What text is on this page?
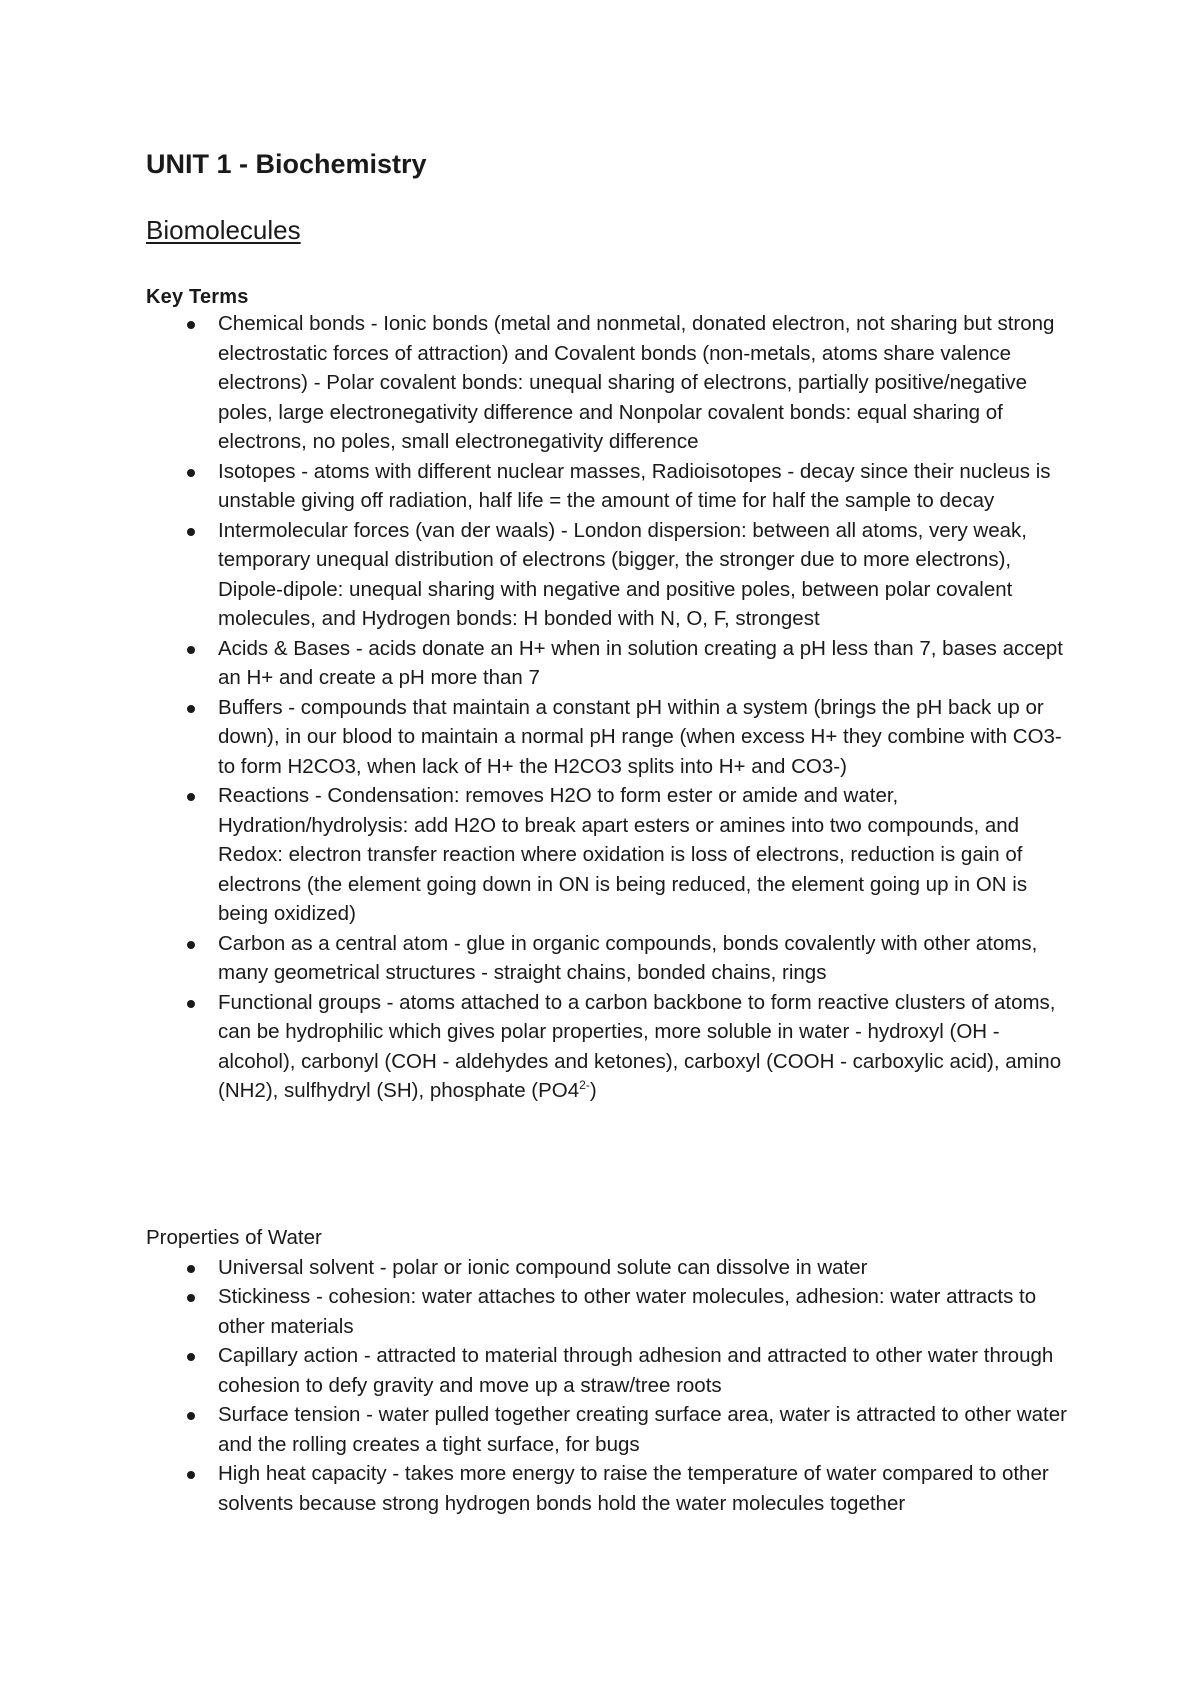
UNIT 1 - Biochemistry
Biomolecules
Key Terms
Chemical bonds - Ionic bonds (metal and nonmetal, donated electron, not sharing but strong electrostatic forces of attraction) and Covalent bonds (non-metals, atoms share valence electrons) - Polar covalent bonds: unequal sharing of electrons, partially positive/negative poles, large electronegativity difference and Nonpolar covalent bonds: equal sharing of electrons, no poles, small electronegativity difference
Isotopes - atoms with different nuclear masses, Radioisotopes - decay since their nucleus is unstable giving off radiation, half life = the amount of time for half the sample to decay
Intermolecular forces (van der waals) - London dispersion: between all atoms, very weak, temporary unequal distribution of electrons (bigger, the stronger due to more electrons), Dipole-dipole: unequal sharing with negative and positive poles, between polar covalent molecules, and Hydrogen bonds: H bonded with N, O, F, strongest
Acids & Bases - acids donate an H+ when in solution creating a pH less than 7, bases accept an H+ and create a pH more than 7
Buffers - compounds that maintain a constant pH within a system (brings the pH back up or down), in our blood to maintain a normal pH range (when excess H+ they combine with CO3- to form H2CO3, when lack of H+ the H2CO3 splits into H+ and CO3-)
Reactions - Condensation: removes H2O to form ester or amide and water, Hydration/hydrolysis: add H2O to break apart esters or amines into two compounds, and Redox: electron transfer reaction where oxidation is loss of electrons, reduction is gain of electrons (the element going down in ON is being reduced, the element going up in ON is being oxidized)
Carbon as a central atom - glue in organic compounds, bonds covalently with other atoms, many geometrical structures - straight chains, bonded chains, rings
Functional groups - atoms attached to a carbon backbone to form reactive clusters of atoms, can be hydrophilic which gives polar properties, more soluble in water - hydroxyl (OH - alcohol), carbonyl (COH - aldehydes and ketones), carboxyl (COOH - carboxylic acid), amino (NH2), sulfhydryl (SH), phosphate $(PO4^{2-})$
Properties of Water
Universal solvent - polar or ionic compound solute can dissolve in water
Stickiness - cohesion: water attaches to other water molecules, adhesion: water attracts to other materials
Capillary action - attracted to material through adhesion and attracted to other water through cohesion to defy gravity and move up a straw/tree roots
Surface tension - water pulled together creating surface area, water is attracted to other water and the rolling creates a tight surface, for bugs
High heat capacity - takes more energy to raise the temperature of water compared to other solvents because strong hydrogen bonds hold the water molecules together
